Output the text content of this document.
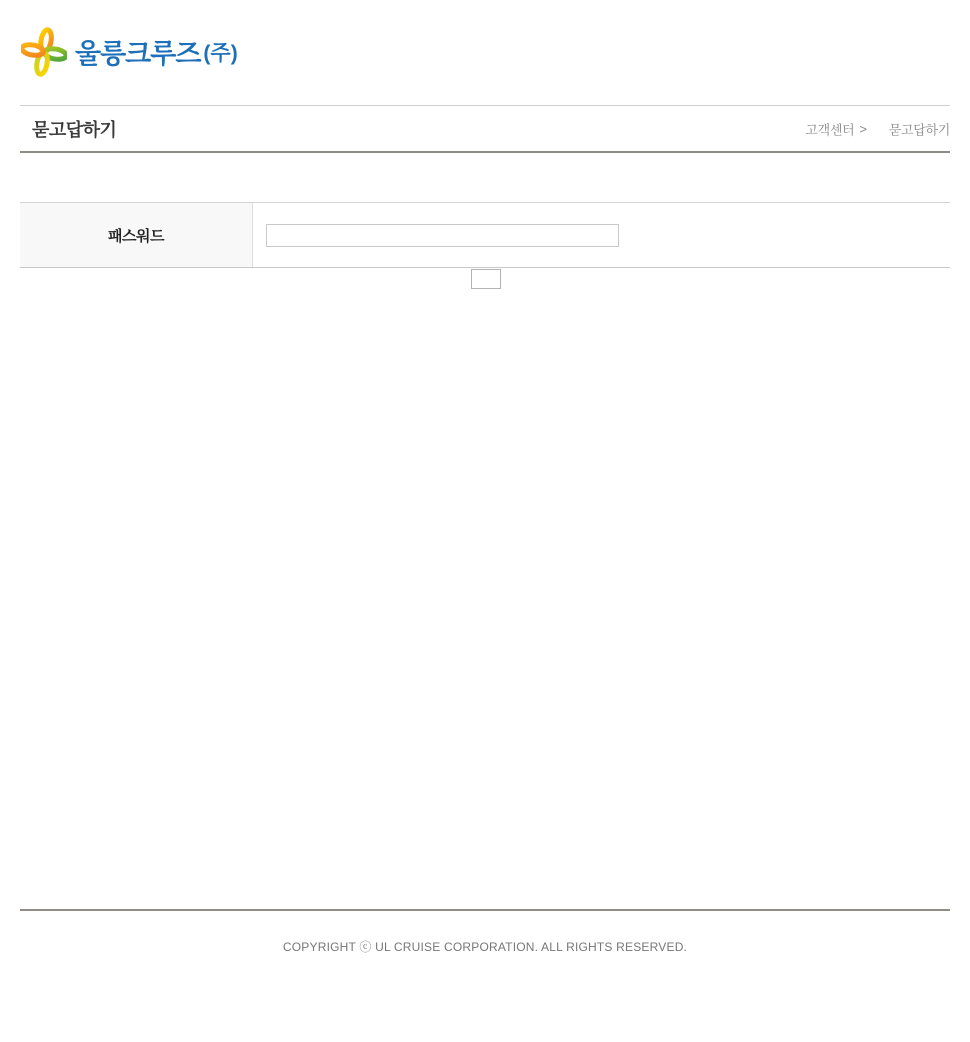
울릉크루즈 (주)
묻고답하기	고객센터 > 묻고답하기
패스워드
COPYRIGHT ⓒ UL CRUISE CORPORATION. ALL RIGHTS RESERVED.
